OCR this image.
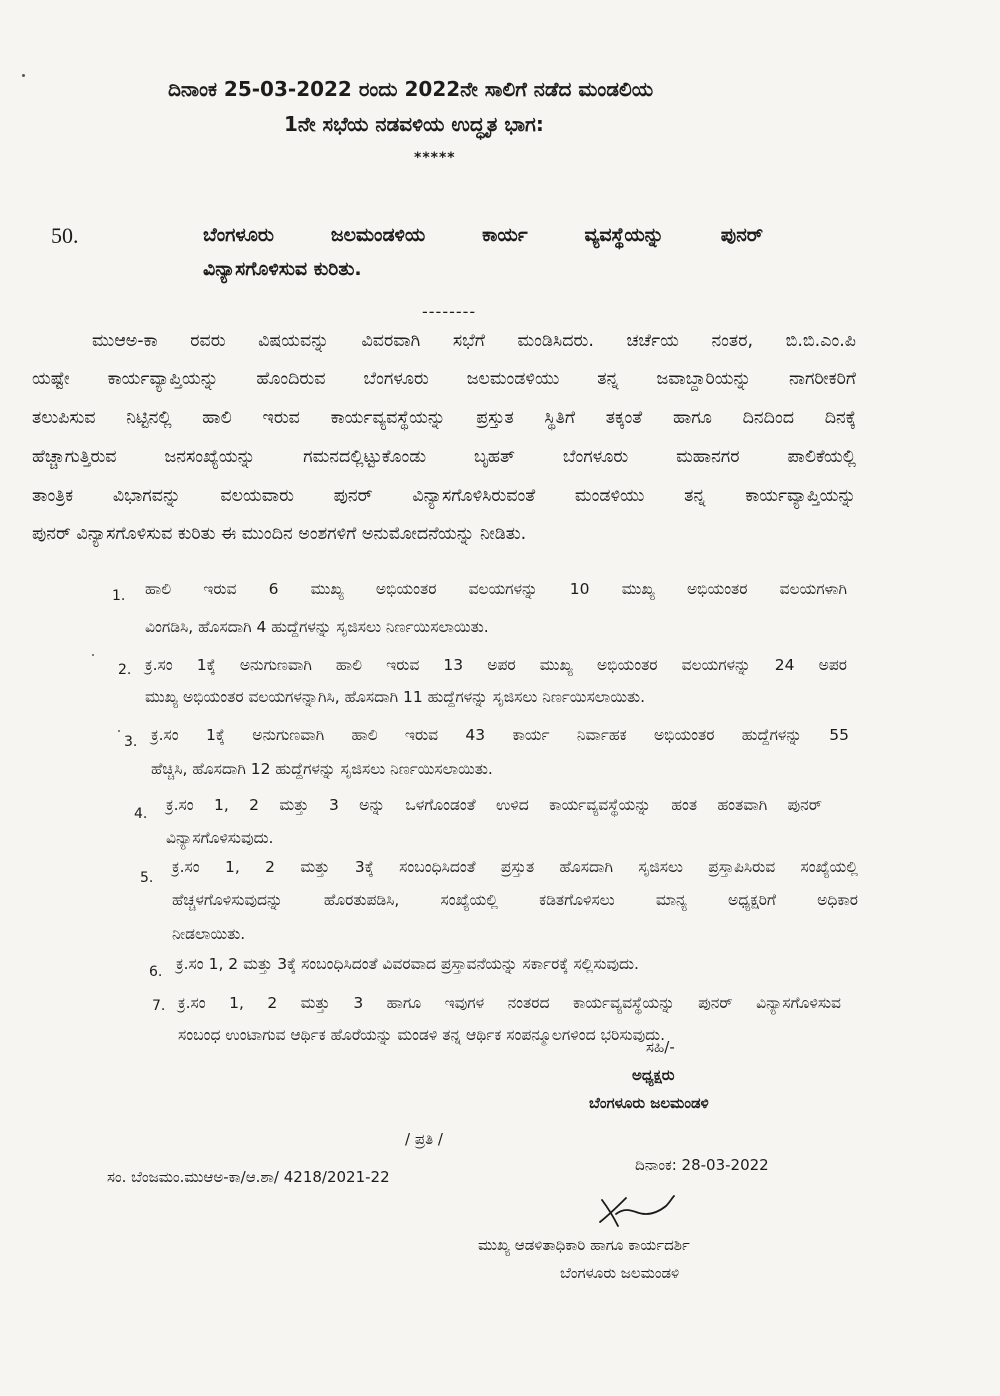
ದಿನಾಂಕ 25-03-2022 ರಂದು 2022ನೇ ಸಾಲಿಗೆ ನಡೆದ ಮಂಡಲಿಯ
1ನೇ ಸಭೆಯ ನಡವಳಿಯ ಉದ್ಧೃತ ಭಾಗ:
*****
50.	ಬೆಂಗಳೂರು ಜಲಮಂಡಳಿಯ ಕಾರ್ಯ ವ್ಯವಸ್ಥೆಯನ್ನು ಪುನರ್
ವಿನ್ಯಾಸಗೊಳಿಸುವ ಕುರಿತು.
--------
ಮುಆಅ-ಕಾ ರವರು ವಿಷಯವನ್ನು ವಿವರವಾಗಿ ಸಭೆಗೆ ಮಂಡಿಸಿದರು. ಚರ್ಚೆಯ ನಂತರ, ಬಿ.ಬಿ.ಎಂ.ಪಿ
ಯಷ್ಟೇ ಕಾರ್ಯವ್ಯಾಪ್ತಿಯನ್ನು ಹೊಂದಿರುವ ಬೆಂಗಳೂರು ಜಲಮಂಡಳಿಯು ತನ್ನ ಜವಾಬ್ದಾರಿಯನ್ನು ನಾಗರೀಕರಿಗೆ
ತಲುಪಿಸುವ ನಿಟ್ಟಿನಲ್ಲಿ ಹಾಲಿ ಇರುವ ಕಾರ್ಯವ್ಯವಸ್ಥೆಯನ್ನು ಪ್ರಸ್ತುತ ಸ್ಥಿತಿಗೆ ತಕ್ಕಂತೆ ಹಾಗೂ ದಿನದಿಂದ ದಿನಕ್ಕೆ
ಹೆಚ್ಚಾಗುತ್ತಿರುವ ಜನಸಂಖ್ಯೆಯನ್ನು ಗಮನದಲ್ಲಿಟ್ಟುಕೊಂಡು ಬೃಹತ್ ಬೆಂಗಳೂರು ಮಹಾನಗರ ಪಾಲಿಕೆಯಲ್ಲಿ
ತಾಂತ್ರಿಕ ವಿಭಾಗವನ್ನು ವಲಯವಾರು ಪುನರ್ ವಿನ್ಯಾಸಗೊಳಿಸಿರುವಂತೆ ಮಂಡಳಿಯು ತನ್ನ ಕಾರ್ಯವ್ಯಾಪ್ತಿಯನ್ನು
ಪುನರ್ ವಿನ್ಯಾಸಗೊಳಿಸುವ ಕುರಿತು ಈ ಮುಂದಿನ ಅಂಶಗಳಿಗೆ ಅನುಮೋದನೆಯನ್ನು ನೀಡಿತು.
1. ಹಾಲಿ ಇರುವ 6 ಮುಖ್ಯ ಅಭಿಯಂತರ ವಲಯಗಳನ್ನು 10 ಮುಖ್ಯ ಅಭಿಯಂತರ ವಲಯಗಳಾಗಿ
ವಿಂಗಡಿಸಿ, ಹೊಸದಾಗಿ 4 ಹುದ್ದೆಗಳನ್ನು ಸೃಜಿಸಲು ನಿರ್ಣಯಿಸಲಾಯಿತು.
2. ಕ್ರ.ಸಂ 1ಕ್ಕೆ ಅನುಗುಣವಾಗಿ ಹಾಲಿ ಇರುವ 13 ಅಪರ ಮುಖ್ಯ ಅಭಿಯಂತರ ವಲಯಗಳನ್ನು 24 ಅಪರ
ಮುಖ್ಯ ಅಭಿಯಂತರ ವಲಯಗಳನ್ನಾಗಿಸಿ, ಹೊಸದಾಗಿ 11 ಹುದ್ದೆಗಳನ್ನು ಸೃಜಿಸಲು ನಿರ್ಣಯಿಸಲಾಯಿತು.
3. ಕ್ರ.ಸಂ 1ಕ್ಕೆ ಅನುಗುಣವಾಗಿ ಹಾಲಿ ಇರುವ 43 ಕಾರ್ಯ ನಿರ್ವಾಹಕ ಅಭಿಯಂತರ ಹುದ್ದೆಗಳನ್ನು 55
ಹೆಚ್ಚಿಸಿ, ಹೊಸದಾಗಿ 12 ಹುದ್ದೆಗಳನ್ನು ಸೃಜಿಸಲು ನಿರ್ಣಯಿಸಲಾಯಿತು.
4. ಕ್ರ.ಸಂ 1, 2 ಮತ್ತು 3 ಅನ್ನು ಒಳಗೊಂಡಂತೆ ಉಳಿದ ಕಾರ್ಯವ್ಯವಸ್ಥೆಯನ್ನು ಹಂತ ಹಂತವಾಗಿ ಪುನರ್
ವಿನ್ಯಾಸಗೊಳಿಸುವುದು.
5.
ಕ್ರ.ಸಂ 1, 2 ಮತ್ತು 3ಕ್ಕೆ ಸಂಬಂಧಿಸಿದಂತೆ ಪ್ರಸ್ತುತ ಹೊಸದಾಗಿ ಸೃಜಿಸಲು ಪ್ರಸ್ತಾಪಿಸಿರುವ ಸಂಖ್ಯೆಯಲ್ಲಿ
ಹೆಚ್ಚಳಗೊಳಿಸುವುದನ್ನು ಹೊರತುಪಡಿಸಿ, ಸಂಖ್ಯೆಯಲ್ಲಿ ಕಡಿತಗೊಳಿಸಲು ಮಾನ್ಯ ಅಧ್ಯಕ್ಷರಿಗೆ ಅಧಿಕಾರ
ನೀಡಲಾಯಿತು.
6. ಕ್ರ.ಸಂ 1, 2 ಮತ್ತು 3ಕ್ಕೆ ಸಂಬಂಧಿಸಿದಂತೆ ವಿವರವಾದ ಪ್ರಸ್ತಾವನೆಯನ್ನು ಸರ್ಕಾರಕ್ಕೆ ಸಲ್ಲಿಸುವುದು.
7. ಕ್ರ.ಸಂ 1, 2 ಮತ್ತು 3 ಹಾಗೂ ಇವುಗಳ ನಂತರದ ಕಾರ್ಯವ್ಯವಸ್ಥೆಯನ್ನು ಪುನರ್ ವಿನ್ಯಾಸಗೊಳಿಸುವ
ಸಂಬಂಧ ಉಂಟಾಗುವ ಆರ್ಥಿಕ ಹೊರೆಯನ್ನು ಮಂಡಳಿ ತನ್ನ ಆರ್ಥಿಕ ಸಂಪನ್ಮೂಲಗಳಿಂದ ಭರಿಸುವುದು.
ಸಹಿ/-
ಅಧ್ಯಕ್ಷರು
ಬೆಂಗಳೂರು ಜಲಮಂಡಳಿ
/ ಪ್ರತಿ /
ಸಂ. ಬೆಂಜಮಂ.ಮುಆಅ-ಕಾ/ಆ.ಶಾ/ 4218/2021-22
ದಿನಾಂಕ: 28-03-2022
ಮುಖ್ಯ ಆಡಳಿತಾಧಿಕಾರಿ ಹಾಗೂ ಕಾರ್ಯದರ್ಶಿ
ಬೆಂಗಳೂರು ಜಲಮಂಡಳಿ
